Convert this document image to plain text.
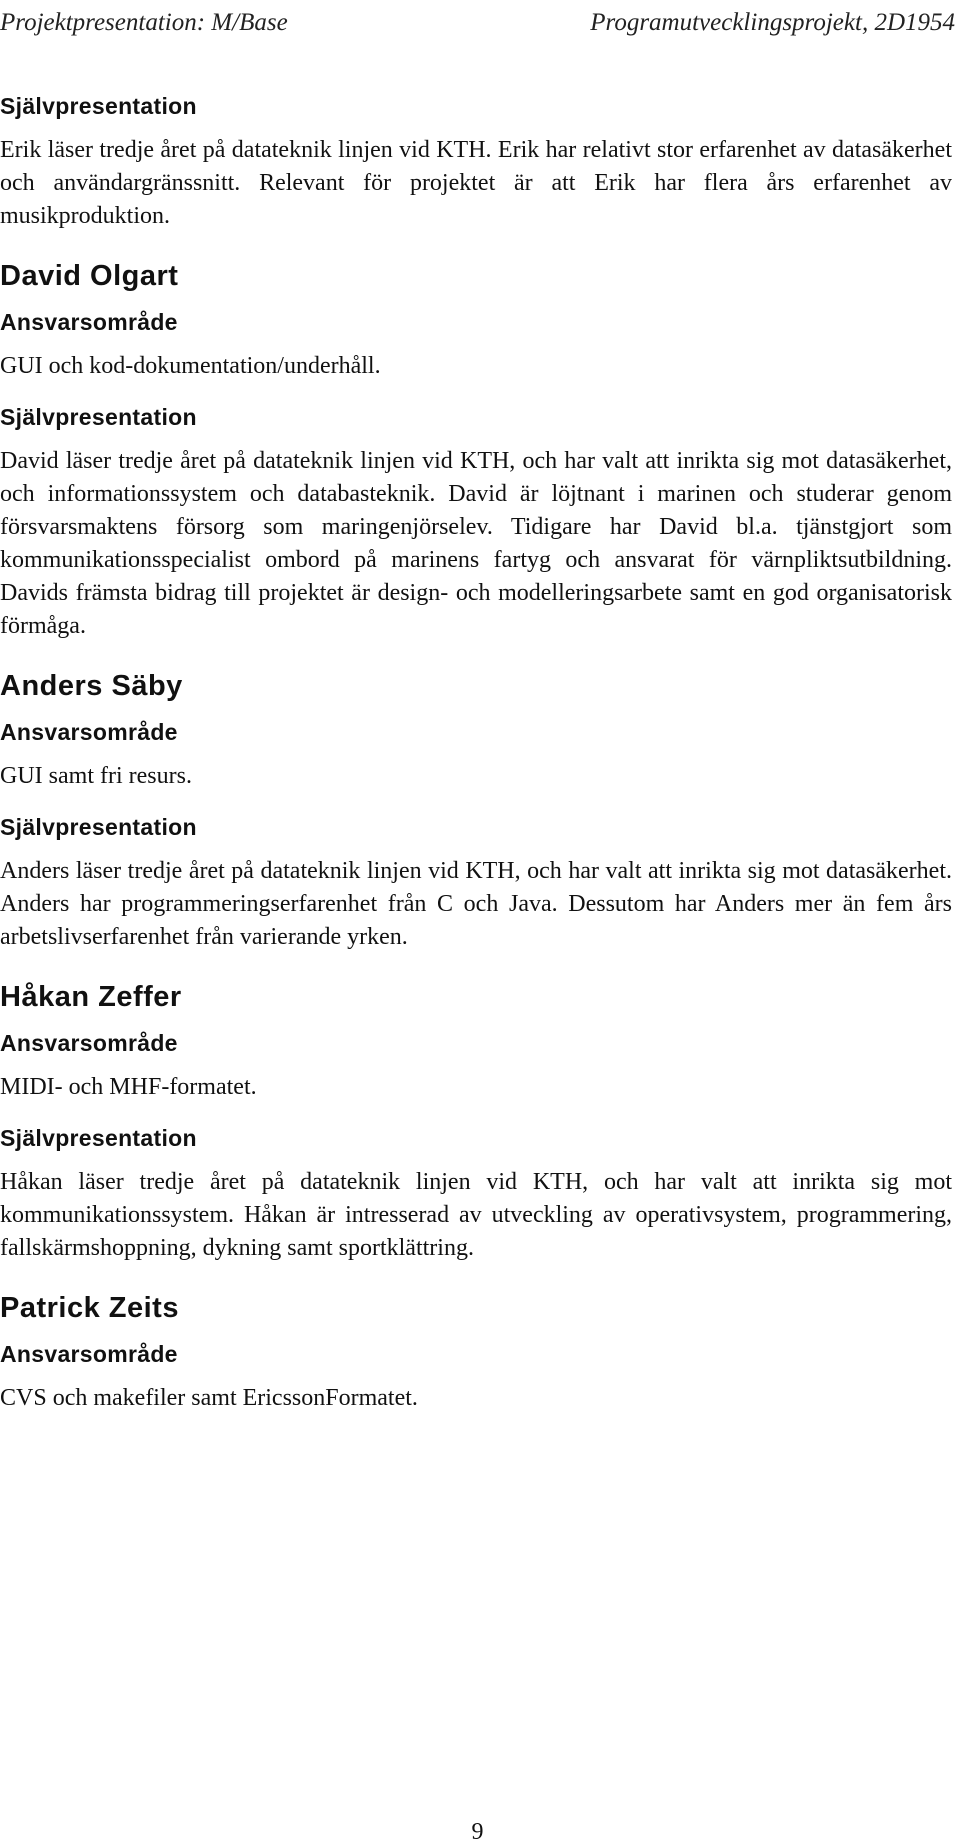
Projektpresentation: M/Base	Programutvecklingsprojekt, 2D1954

Självpresentation

Erik läser tredje året på datateknik linjen vid KTH. Erik har relativt stor erfarenhet av datasäkerhet och användargränssnitt. Relevant för projektet är att Erik har flera års erfarenhet av musikproduktion.

David Olgart

Ansvarsområde

GUI och kod-dokumentation/underhåll.

Självpresentation

David läser tredje året på datateknik linjen vid KTH, och har valt att inrikta sig mot datasäkerhet, och informationssystem och databasteknik. David är löjtnant i marinen och studerar genom försvarsmaktens försorg som maringenjörselev. Tidigare har David bl.a. tjänstgjort som kommunikationsspecialist ombord på marinens fartyg och ansvarat för värnpliktsutbildning. Davids främsta bidrag till projektet är design- och modelleringsarbete samt en god organisatorisk förmåga.

Anders Säby

Ansvarsområde

GUI samt fri resurs.

Självpresentation

Anders läser tredje året på datateknik linjen vid KTH, och har valt att inrikta sig mot datasäkerhet. Anders har programmeringserfarenhet från C och Java. Dessutom har Anders mer än fem års arbetslivserfarenhet från varierande yrken.

Håkan Zeffer

Ansvarsområde

MIDI- och MHF-formatet.

Självpresentation

Håkan läser tredje året på datateknik linjen vid KTH, och har valt att inrikta sig mot kommunikationssystem. Håkan är intresserad av utveckling av operativsystem, programmering, fallskärmshoppning, dykning samt sportklättring.

Patrick Zeits

Ansvarsområde

CVS och makefiler samt EricssonFormatet.

9
